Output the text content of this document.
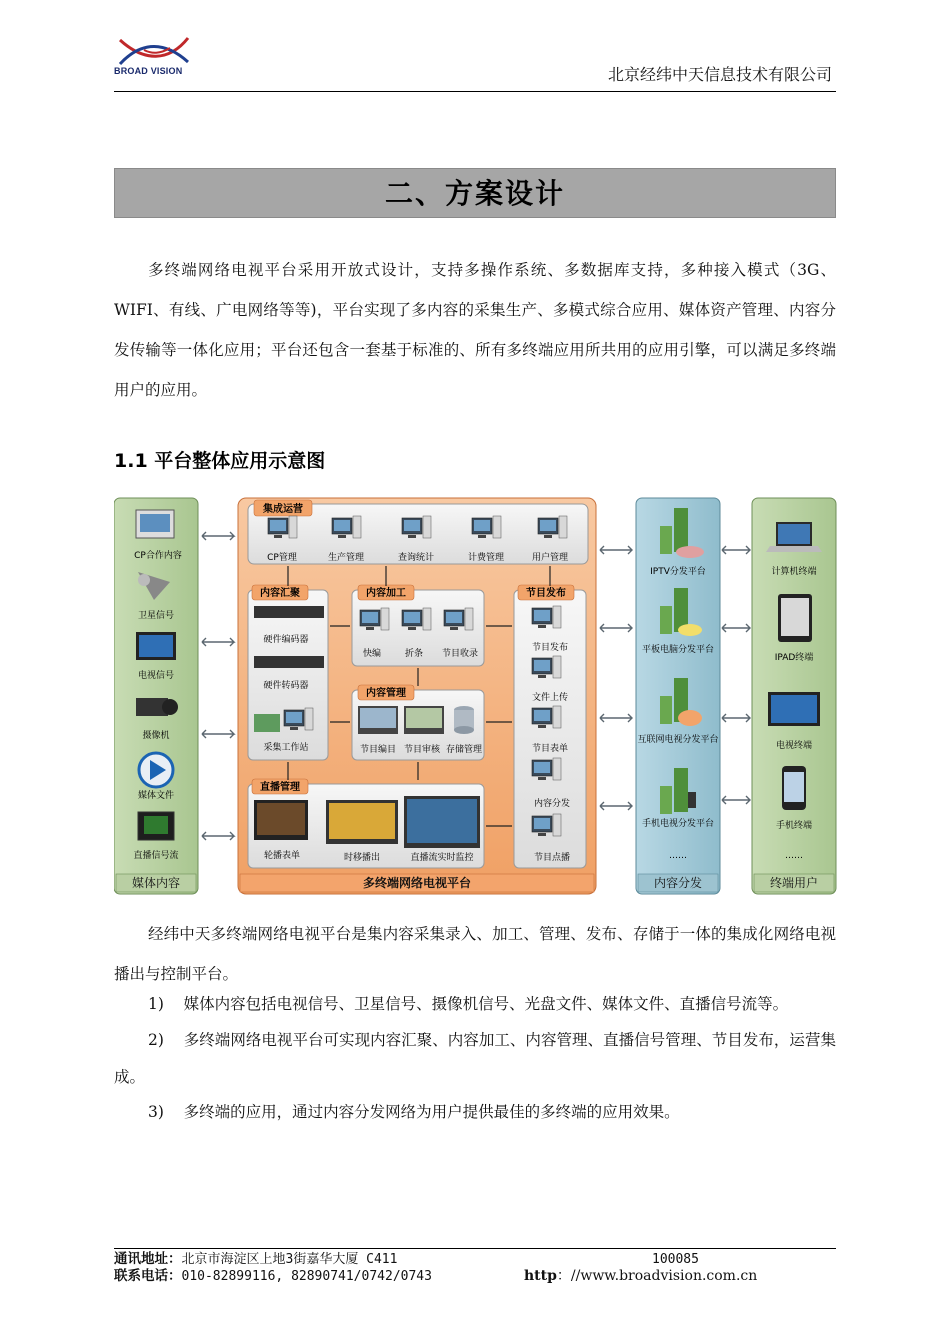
BROAD VISION	北京经纬中天信息技术有限公司
二、方案设计
多终端网络电视平台采用开放式设计，支持多操作系统、多数据库支持，多种接入模式（3G、WIFI、有线、广电网络等等)，平台实现了多内容的采集生产、多模式综合应用、媒体资产管理、内容分发传输等一体化应用；平台还包含一套基于标准的、所有多终端应用所共用的应用引擎，可以满足多终端用户的应用。
1.1 平台整体应用示意图
媒体内容
CP合作内容
卫星信号
电视信号
摄像机
媒体文件
直播信号流
多终端网络电视平台
集成运营
CP管理	生产管理	查询统计	计费管理	用户管理
内容汇聚
硬件编码器
硬件转码器
采集工作站
内容加工
快编	折条 节目收录
内容管理
节目编目 节目审核 存储管理
节目发布
节目发布
文件上传
节目表单
内容分发
节目点播
直播管理
轮播表单	时移播出	直播流实时监控
内容分发
IPTV分发平台
平板电脑分发平台
互联网电视分发平台
手机电视分发平台
……
终端用户
计算机终端
IPAD终端
电视终端
手机终端
……
经纬中天多终端网络电视平台是集内容采集录入、加工、管理、发布、存储于一体的集成化网络电视播出与控制平台。
1) 媒体内容包括电视信号、卫星信号、摄像机信号、光盘文件、媒体文件、直播信号流等。
2) 多终端网络电视平台可实现内容汇聚、内容加工、内容管理、直播信号管理、节目发布，运营集成。
3) 多终端的应用，通过内容分发网络为用户提供最佳的多终端的应用效果。
通讯地址：北京市海淀区上地3街嘉华大厦 C411	100085
联系电话：010-82899116, 82890741/0742/0743	http：//www.broadvision.com.cn
